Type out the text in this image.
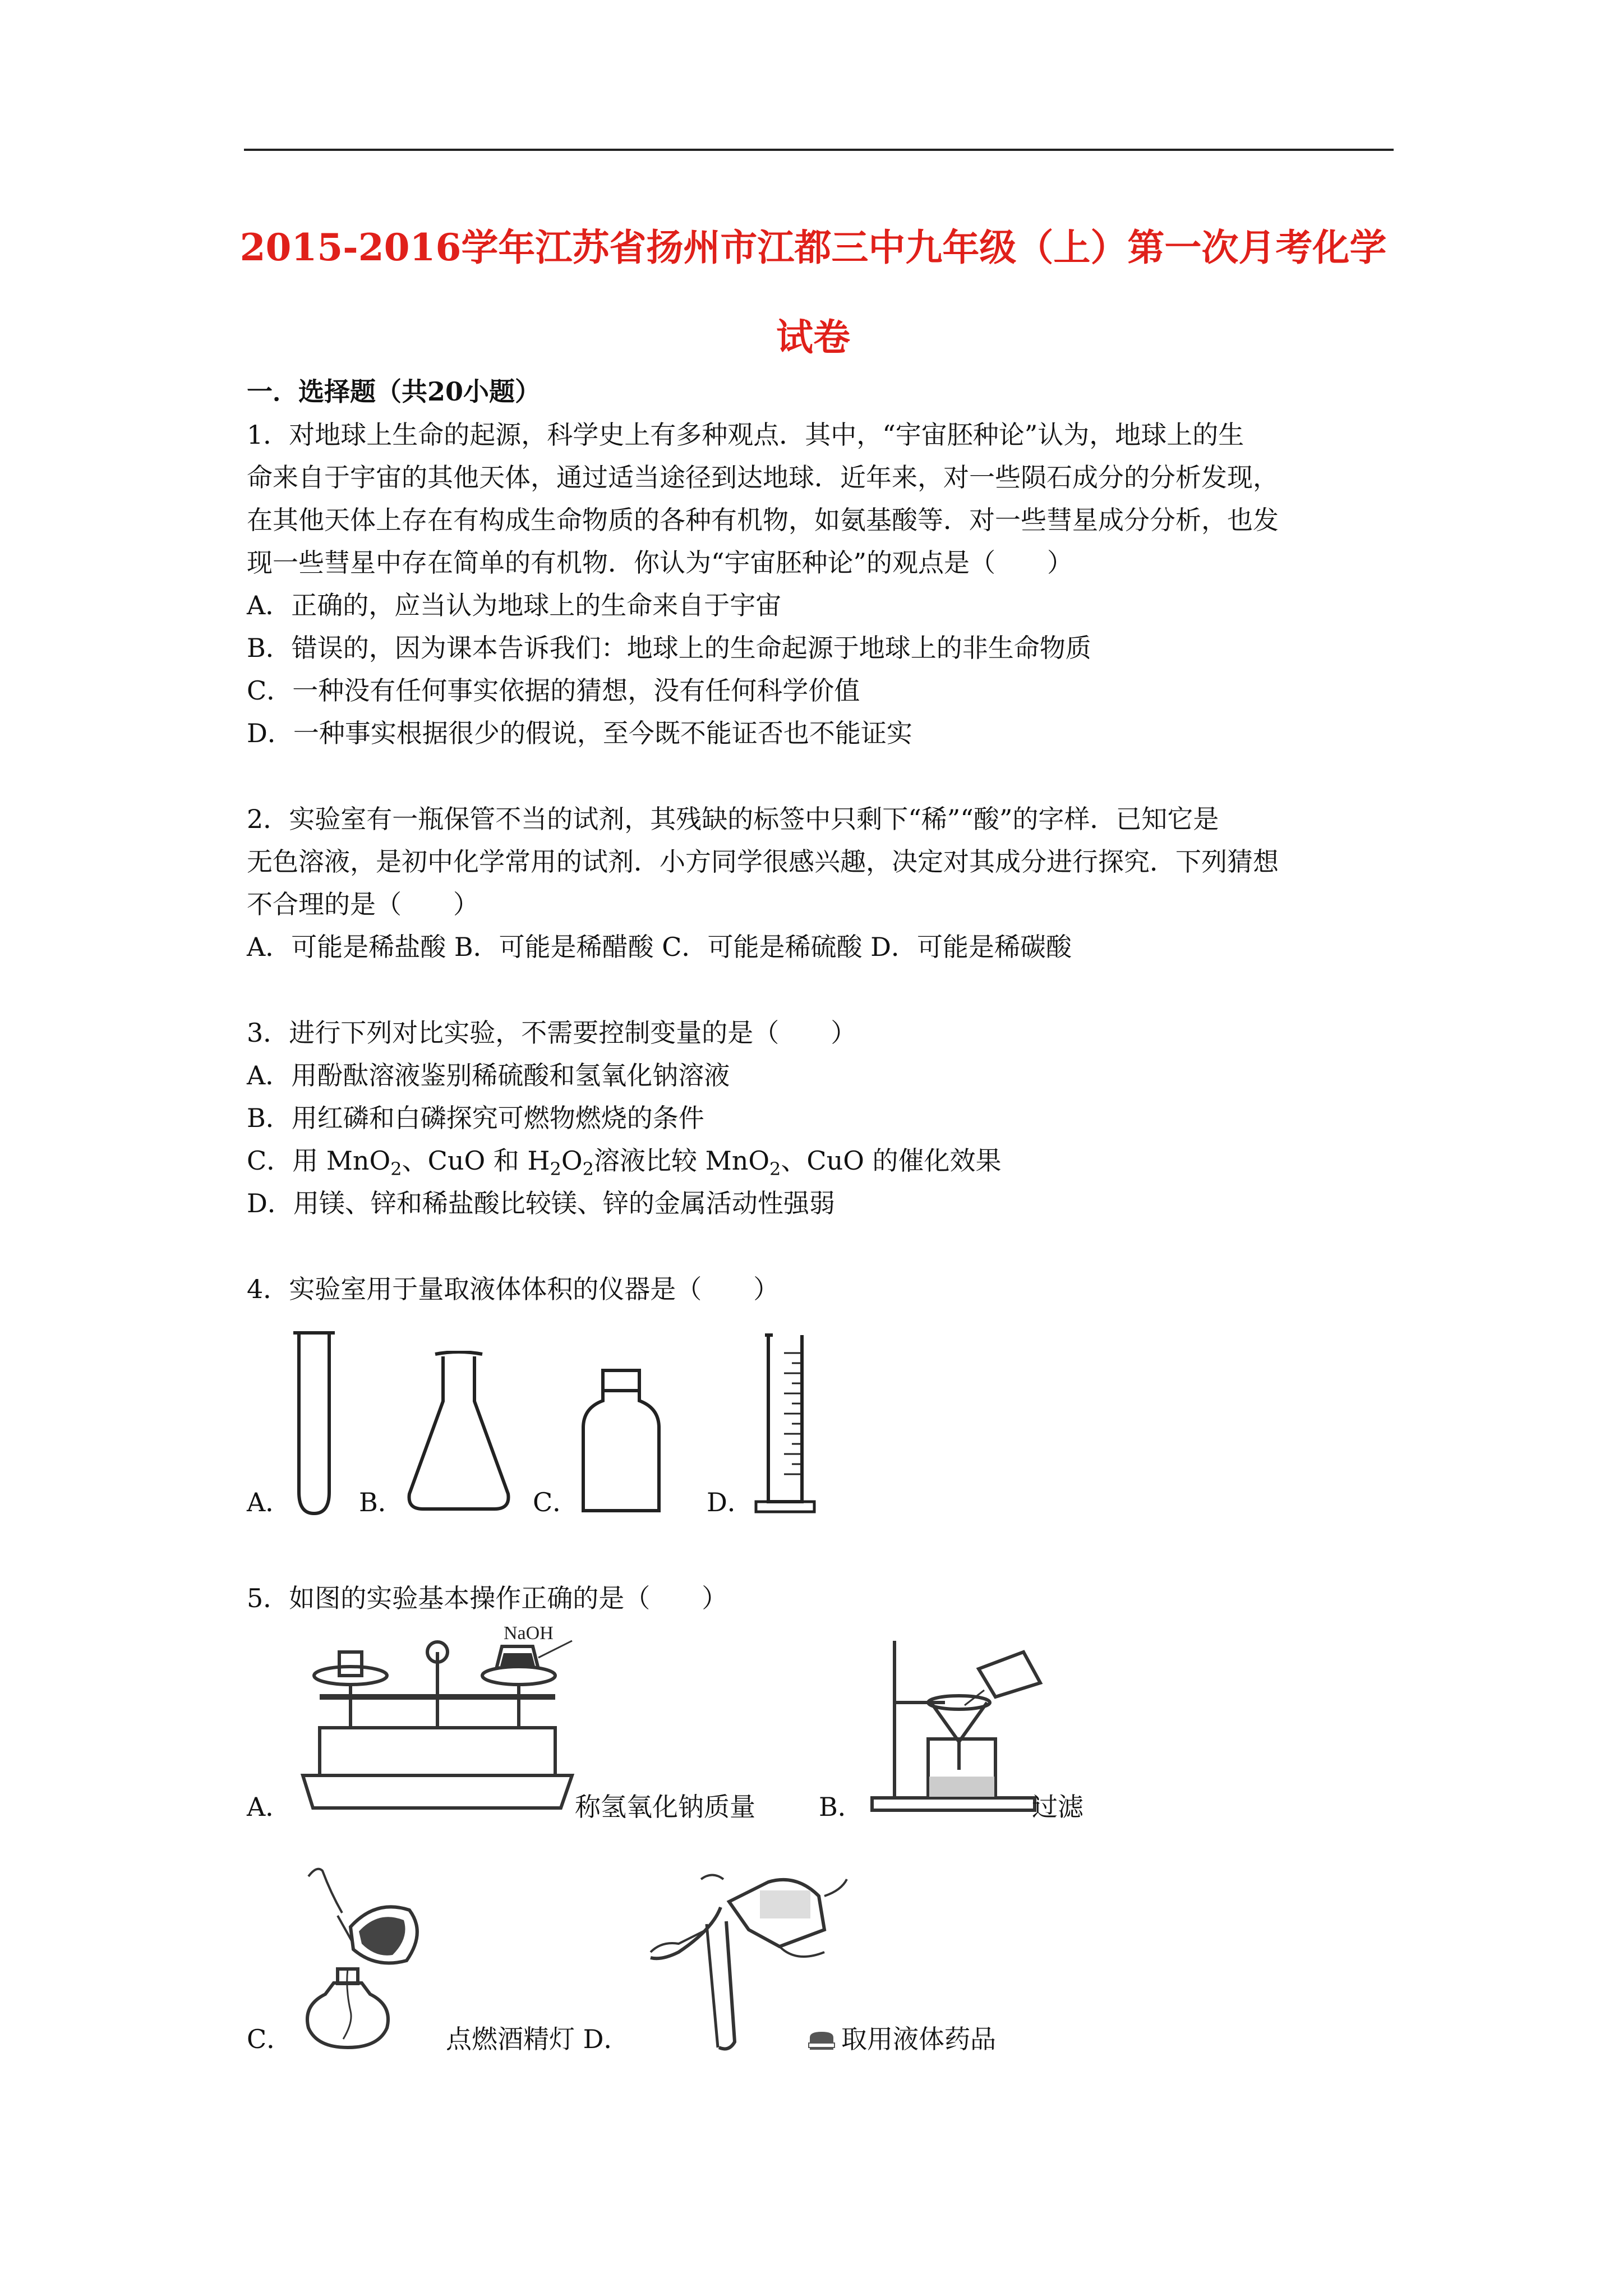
2015-2016学年江苏省扬州市江都三中九年级（上）第一次月考化学
试卷
一．选择题（共20小题）
1．对地球上生命的起源，科学史上有多种观点．其中，“宇宙胚种论”认为，地球上的生
命来自于宇宙的其他天体，通过适当途径到达地球．近年来，对一些陨石成分的分析发现，
在其他天体上存在有构成生命物质的各种有机物，如氨基酸等．对一些彗星成分分析，也发
现一些彗星中存在简单的有机物．你认为“宇宙胚种论”的观点是（　　）
A．正确的，应当认为地球上的生命来自于宇宙
B．错误的，因为课本告诉我们：地球上的生命起源于地球上的非生命物质
C．一种没有任何事实依据的猜想，没有任何科学价值
D．一种事实根据很少的假说，至今既不能证否也不能证实
2．实验室有一瓶保管不当的试剂，其残缺的标签中只剩下“稀”“酸”的字样．已知它是
无色溶液，是初中化学常用的试剂．小方同学很感兴趣，决定对其成分进行探究．下列猜想
不合理的是（　　）
A．可能是稀盐酸 B．可能是稀醋酸 C．可能是稀硫酸 D．可能是稀碳酸
3．进行下列对比实验，不需要控制变量的是（　　）
A．用酚酞溶液鉴别稀硫酸和氢氧化钠溶液
B．用红磷和白磷探究可燃物燃烧的条件
C．用 MnO$_2$、CuO 和 $H_2O_2$溶液比较 MnO$_2$、CuO 的催化效果
D．用镁、锌和稀盐酸比较镁、锌的金属活动性强弱
4．实验室用于量取液体体积的仪器是（　　）
A．	B．	C．	D．
5．如图的实验基本操作正确的是（　　）
A．
NaOH
称氢氧化钠质量 B．	过滤
C．	点燃酒精灯 D．	取用液体药品
